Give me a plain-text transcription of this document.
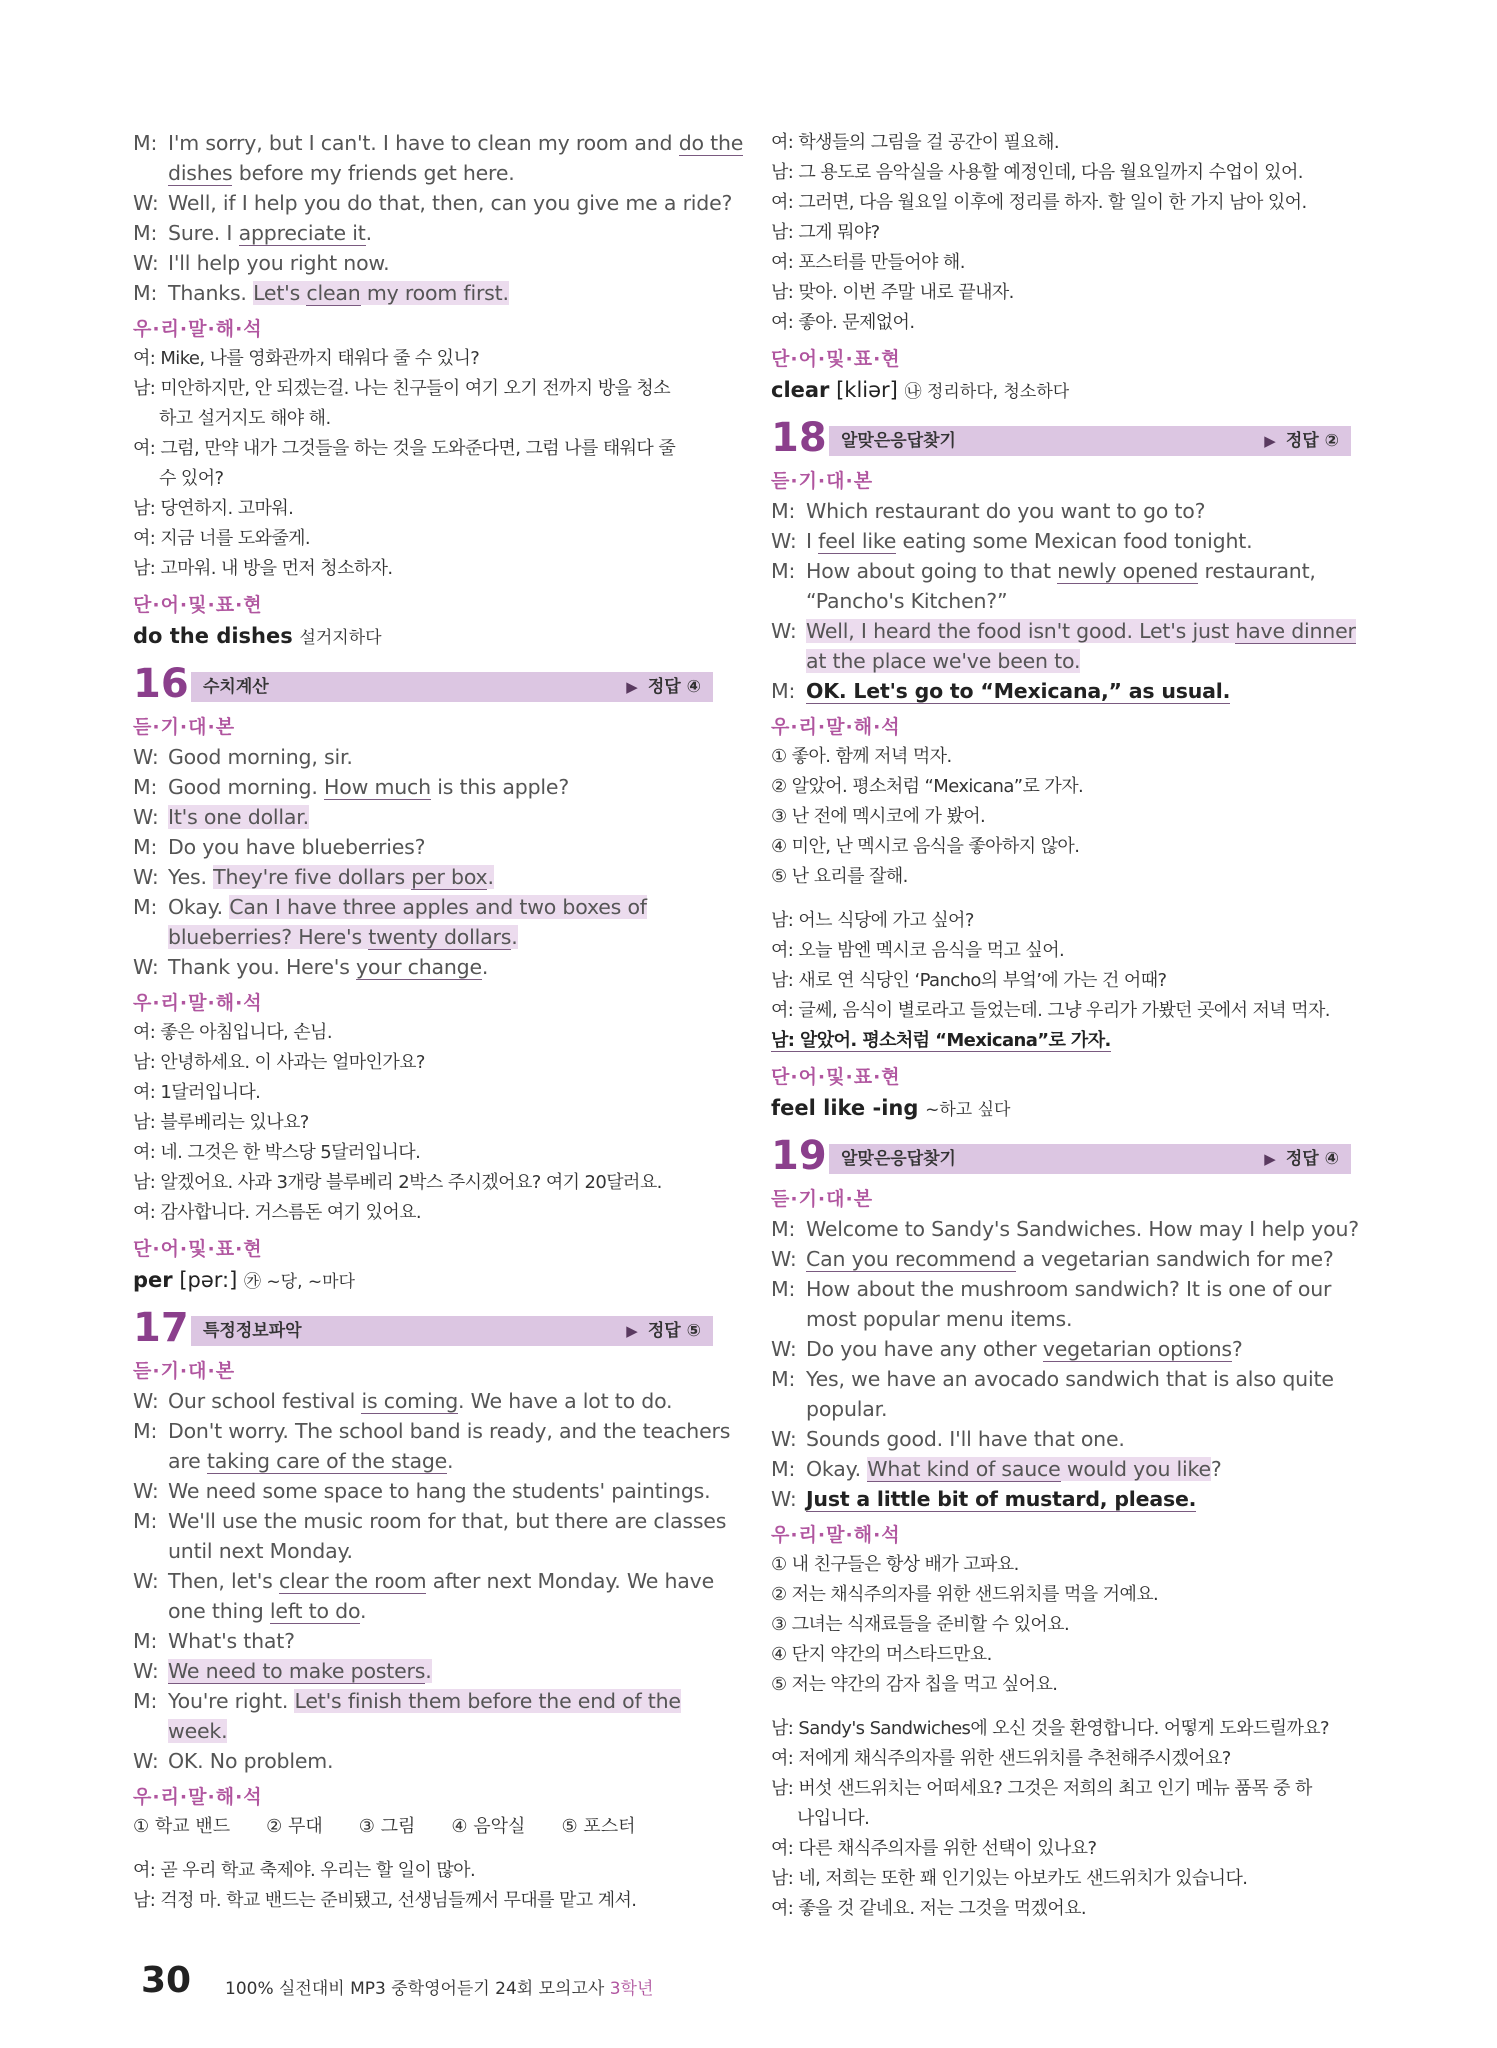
M: I'm sorry, but I can't. I have to clean my room and do the
dishes before my friends get here.
W: Well, if I help you do that, then, can you give me a ride?
M: Sure. I appreciate it.
W: I'll help you right now.
M: Thanks. Let's clean my room first.
우·리·말·해·석
여: Mike, 나를 영화관까지 태워다 줄 수 있니?
남: 미안하지만, 안 되겠는걸. 나는 친구들이 여기 오기 전까지 방을 청소
하고 설거지도 해야 해.
여: 그럼, 만약 내가 그것들을 하는 것을 도와준다면, 그럼 나를 태워다 줄
수 있어?
남: 당연하지. 고마워.
여: 지금 너를 도와줄게.
남: 고마워. 내 방을 먼저 청소하자.
단·어·및·표·현
do the dishes 설거지하다
16 수치계산	▶ 정답 ④
듣·기·대·본
W: Good morning, sir.
M: Good morning. How much is this apple?
W: It's one dollar.
M: Do you have blueberries?
W: Yes. They're five dollars per box.
M: Okay. Can I have three apples and two boxes of
blueberries? Here's twenty dollars.
W: Thank you. Here's your change.
우·리·말·해·석
여: 좋은 아침입니다, 손님.
남: 안녕하세요. 이 사과는 얼마인가요?
여: 1달러입니다.
남: 블루베리는 있나요?
여: 네. 그것은 한 박스당 5달러입니다.
남: 알겠어요. 사과 3개랑 블루베리 2박스 주시겠어요? 여기 20달러요.
여: 감사합니다. 거스름돈 여기 있어요.
단·어·및·표·현
per [pər:] ㉮ ~당, ~마다
17 특정정보파악	▶ 정답 ⑤
듣·기·대·본
W: Our school festival is coming. We have a lot to do.
M: Don't worry. The school band is ready, and the teachers
are taking care of the stage.
W: We need some space to hang the students' paintings.
M: We'll use the music room for that, but there are classes
until next Monday.
W: Then, let's clear the room after next Monday. We have
one thing left to do.
M: What's that?
W: We need to make posters.
M: You're right. Let's finish them before the end of the
week.
W: OK. No problem.
우·리·말·해·석
① 학교 밴드 ② 무대 ③ 그림 ④ 음악실 ⑤ 포스터
여: 곧 우리 학교 축제야. 우리는 할 일이 많아.
남: 걱정 마. 학교 밴드는 준비됐고, 선생님들께서 무대를 맡고 계셔.
여: 학생들의 그림을 걸 공간이 필요해.
남: 그 용도로 음악실을 사용할 예정인데, 다음 월요일까지 수업이 있어.
여: 그러면, 다음 월요일 이후에 정리를 하자. 할 일이 한 가지 남아 있어.
남: 그게 뭐야?
여: 포스터를 만들어야 해.
남: 맞아. 이번 주말 내로 끝내자.
여: 좋아. 문제없어.
단·어·및·표·현
clear [kliər] ㉯ 정리하다, 청소하다
18 알맞은응답찾기	▶ 정답 ②
듣·기·대·본
M: Which restaurant do you want to go to?
W: I feel like eating some Mexican food tonight.
M: How about going to that newly opened restaurant,
“Pancho's Kitchen?”
W: Well, I heard the food isn't good. Let's just have dinner
at the place we've been to.
M: OK. Let's go to “Mexicana,” as usual.
우·리·말·해·석
① 좋아. 함께 저녁 먹자.
② 알았어. 평소처럼 “Mexicana”로 가자.
③ 난 전에 멕시코에 가 봤어.
④ 미안, 난 멕시코 음식을 좋아하지 않아.
⑤ 난 요리를 잘해.
남: 어느 식당에 가고 싶어?
여: 오늘 밤엔 멕시코 음식을 먹고 싶어.
남: 새로 연 식당인 ‘Pancho의 부엌’에 가는 건 어때?
여: 글쎄, 음식이 별로라고 들었는데. 그냥 우리가 가봤던 곳에서 저녁 먹자.
남: 알았어. 평소처럼 “Mexicana”로 가자.
단·어·및·표·현
feel like -ing ~하고 싶다
19 알맞은응답찾기	▶ 정답 ④
듣·기·대·본
M: Welcome to Sandy's Sandwiches. How may I help you?
W: Can you recommend a vegetarian sandwich for me?
M: How about the mushroom sandwich? It is one of our
most popular menu items.
W: Do you have any other vegetarian options?
M: Yes, we have an avocado sandwich that is also quite
popular.
W: Sounds good. I'll have that one.
M: Okay. What kind of sauce would you like?
W: Just a little bit of mustard, please.
우·리·말·해·석
① 내 친구들은 항상 배가 고파요.
② 저는 채식주의자를 위한 샌드위치를 먹을 거예요.
③ 그녀는 식재료들을 준비할 수 있어요.
④ 단지 약간의 머스타드만요.
⑤ 저는 약간의 감자 칩을 먹고 싶어요.
남: Sandy's Sandwiches에 오신 것을 환영합니다. 어떻게 도와드릴까요?
여: 저에게 채식주의자를 위한 샌드위치를 추천해주시겠어요?
남: 버섯 샌드위치는 어떠세요? 그것은 저희의 최고 인기 메뉴 품목 중 하
나입니다.
여: 다른 채식주의자를 위한 선택이 있나요?
남: 네, 저희는 또한 꽤 인기있는 아보카도 샌드위치가 있습니다.
여: 좋을 것 같네요. 저는 그것을 먹겠어요.
30 100% 실전대비 MP3 중학영어듣기 24회 모의고사 3학년
